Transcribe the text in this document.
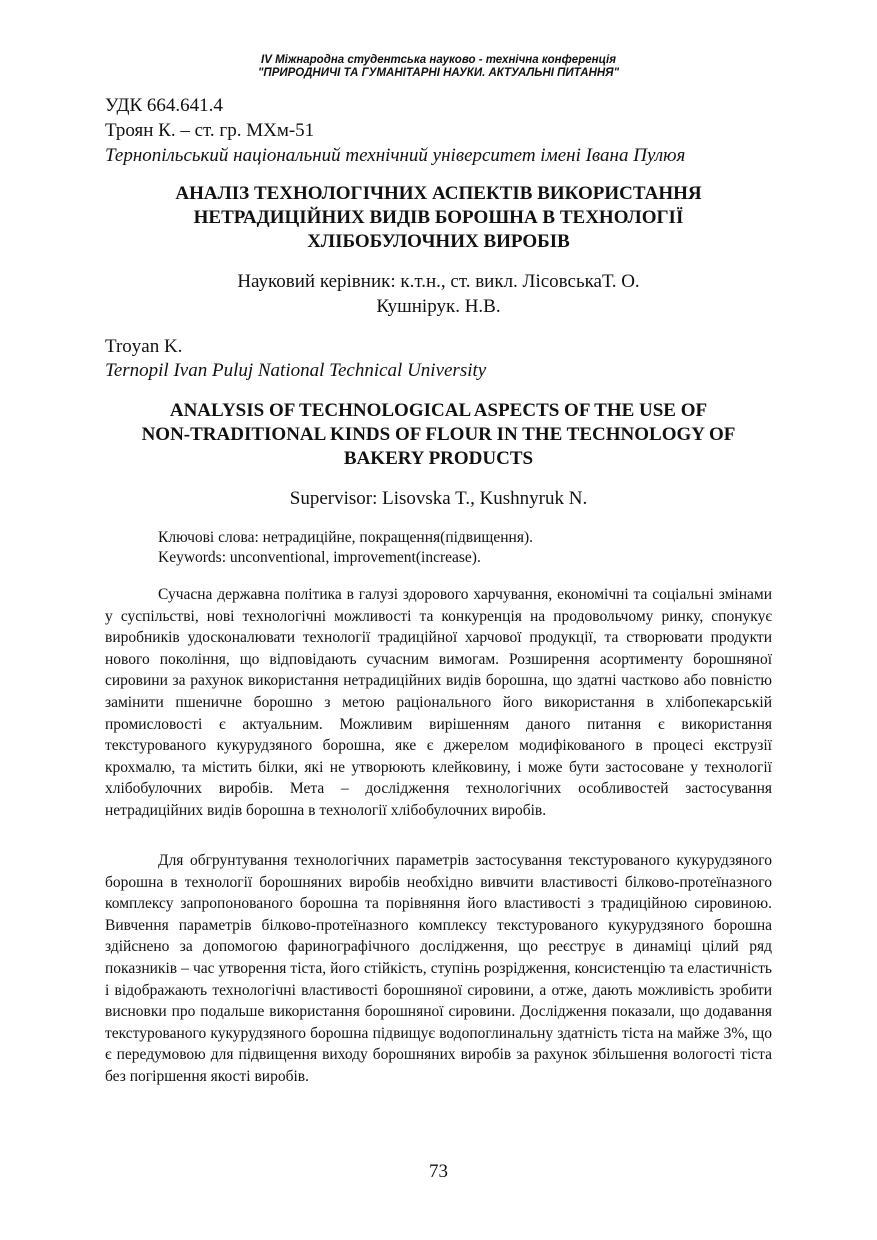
IV Міжнародна студентська науково - технічна конференція
"ПРИРОДНИЧІ ТА ГУМАНІТАРНІ НАУКИ. АКТУАЛЬНІ ПИТАННЯ"
УДК 664.641.4
Троян К. – ст. гр. МХм-51
Тернопільський національний технічний університет імені Івана Пулюя
АНАЛІЗ ТЕХНОЛОГІЧНИХ АСПЕКТІВ ВИКОРИСТАННЯ
НЕТРАДИЦІЙНИХ ВИДІВ БОРОШНА В ТЕХНОЛОГІЇ
ХЛІБОБУЛОЧНИХ ВИРОБІВ
Науковий керівник: к.т.н., ст. викл. ЛісовськаТ. О.
Кушнірук. Н.В.
Troyan K.
Ternopil Ivan Puluj National Technical University
ANALYSIS OF TECHNOLOGICAL ASPECTS OF THE USE OF
NON-TRADITIONAL KINDS OF FLOUR IN THE TECHNOLOGY OF
BAKERY PRODUCTS
Supervisor: Lisovska T., Kushnyruk N.
Ключові слова: нетрадиційне, покращення(підвищення).
Keywords: unconventional, improvement(increase).

Сучасна державна політика в галузі здорового харчування, економічні та соціальні змінами у суспільстві, нові технологічні можливості та конкуренція на продовольчому ринку, спонукує виробників удосконалювати технології традиційної харчової продукції, та створювати продукти нового покоління, що відповідають сучасним вимогам. Розширення асортименту борошняної сировини за рахунок використання нетрадиційних видів борошна, що здатні частково або повністю замінити пшеничне борошно з метою раціонального його використання в хлібопекарській промисловості є актуальним. Можливим вирішенням даного питання є використання текстурованого кукурудзяного борошна, яке є джерелом модифікованого в процесі екструзії крохмалю, та містить білки, які не утворюють клейковину, і може бути застосоване у технології хлібобулочних виробів. Мета – дослідження технологічних особливостей застосування нетрадиційних видів борошна в технології хлібобулочних виробів.

Для обгрунтування технологічних параметрів застосування текстурованого кукурудзяного борошна в технології борошняних виробів необхідно вивчити властивості білково-протеїназного комплексу запропонованого борошна та порівняння його властивості з традиційною сировиною. Вивчення параметрів білково-протеїназного комплексу текстурованого кукурудзяного борошна здійснено за допомогою фаринографічного дослідження, що реєструє в динаміці цілий ряд показників – час утворення тіста, його стійкість, ступінь розрідження, консистенцію та еластичність і відображають технологічні властивості борошняної сировини, а отже, дають можливість зробити висновки про подальше використання борошняної сировини. Дослідження показали, що додавання текстурованого кукурудзяного борошна підвищує водопоглинальну здатність тіста на майже 3%, що є передумовою для підвищення виходу борошняних виробів за рахунок збільшення вологості тіста без погіршення якості виробів.

73
